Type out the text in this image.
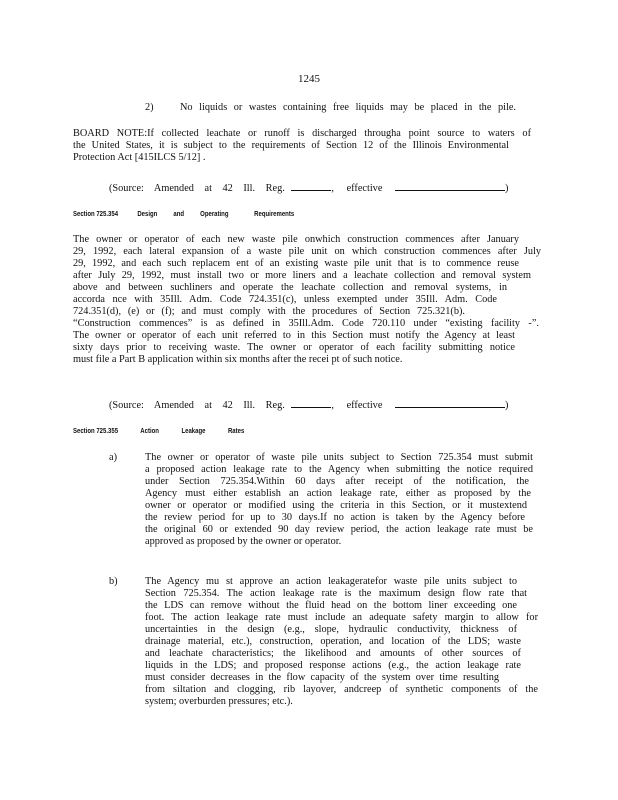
1245
2)	No liquids or wastes containing free liquids may be placed in the pile.
BOARD NOTE:If collected leachate or runoff is discharged througha point source to waters of
the United States, it is subject to the requirements of Section 12 of the Illinois Environmental
Protection Act [415ILCS 5/12] .
(Source: Amended at 42 Ill. Reg.	, effective	)
Section 725.354	Design and Operating	Requirements
The owner or operator of each new waste pile onwhich construction commences after January
29, 1992, each lateral expansion of a waste pile unit on which construction commences after July
29, 1992, and each such replacem ent of an existing waste pile unit that is to commence reuse
after July 29, 1992, must install two or more liners and a leachate collection and removal system
above and between suchliners and operate the leachate collection and removal systems, in
accorda nce with 35Ill. Adm. Code 724.351(c), unless exempted under 35Ill. Adm. Code
724.351(d), (e) or (f); and must comply with the procedures of Section 725.321(b).
“Construction commences” is as defined in 35Ill.Adm. Code 720.110 under “existing facility -”.
The owner or operator of each unit referred to in this Section must notify the Agency at least
sixty days prior to receiving waste. The owner or operator of each facility submitting notice
must file a Part B application within six months after the recei pt of such notice.
(Source: Amended at 42 Ill. Reg.	, effective	)
Section 725.355	Action	Leakage	Rates
a)	The owner or operator of waste pile units subject to Section 725.354 must submit
a proposed action leakage rate to the Agency when submitting the notice required
under Section 725.354.Within 60 days after receipt of the notification, the
Agency must either establish an action leakage rate, either as proposed by the
owner or operator or modified using the criteria in this Section, or it mustextend
the review period for up to 30 days.If no action is taken by the Agency before
the original 60 or extended 90 day review period, the action leakage rate must be
approved as proposed by the owner or operator.
b)	The Agency mu st approve an action leakageratefor waste pile units subject to
Section 725.354. The action leakage rate is the maximum design flow rate that
the LDS can remove without the fluid head on the bottom liner exceeding one
foot. The action leakage rate must include an adequate safety margin to allow for
uncertainties in the design (e.g., slope, hydraulic conductivity, thickness of
drainage material, etc.), construction, operation, and location of the LDS; waste
and leachate characteristics; the likelihood and amounts of other sources of
liquids in the LDS; and proposed response actions (e.g., the action leakage rate
must consider decreases in the flow capacity of the system over time resulting
from siltation and clogging, rib layover, andcreep of synthetic components of the
system; overburden pressures; etc.).
